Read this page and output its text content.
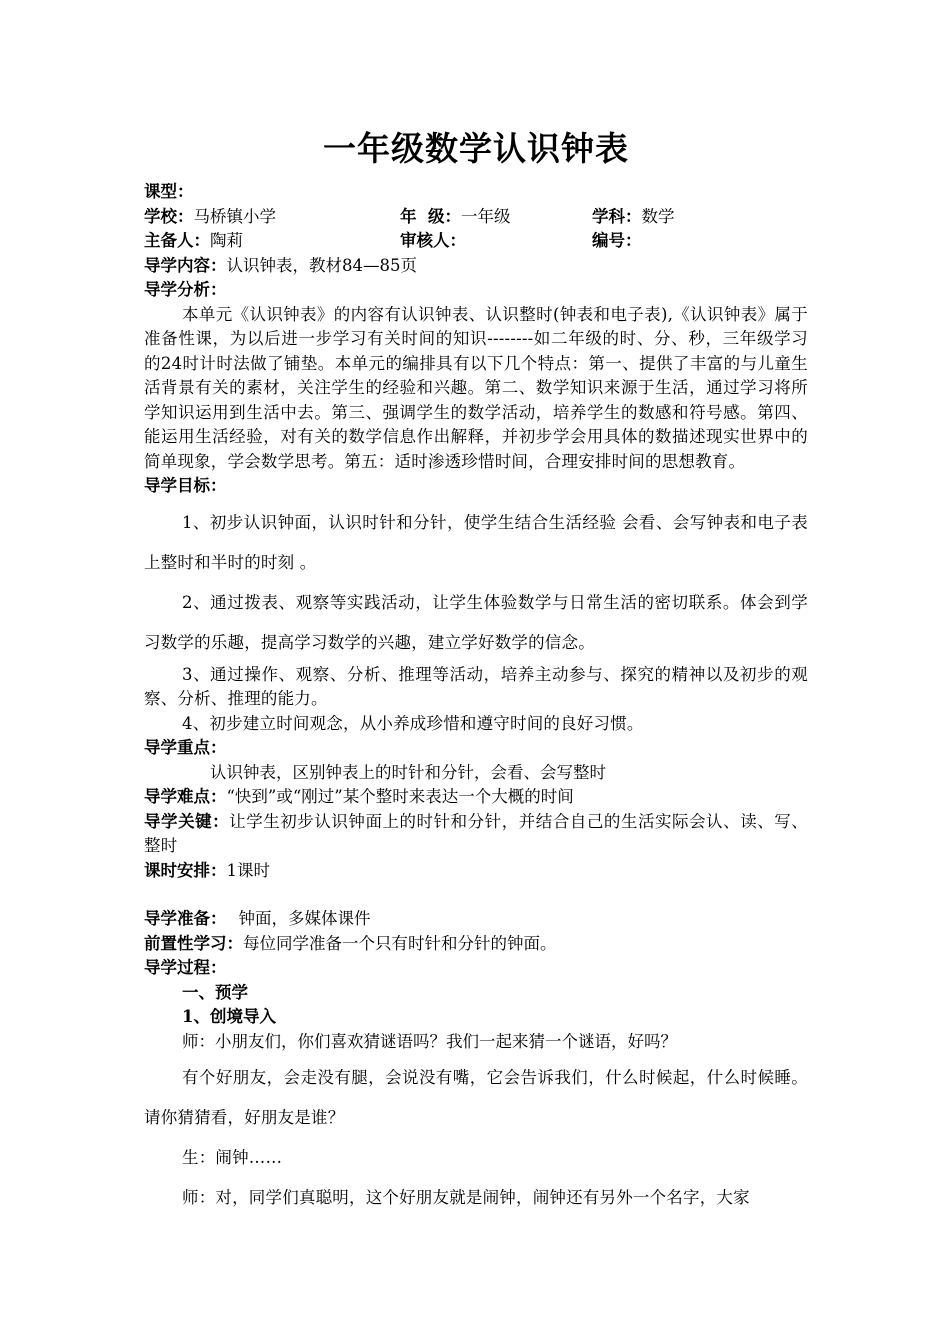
一年级数学认识钟表
课型：
学校：马桥镇小学	年  级：一年级	学科：数学
主备人：陶莉	审核人：	编号：
导学内容：认识钟表，教材84—85页
导学分析：

本单元《认识钟表》的内容有认识钟表、认识整时(钟表和电子表),《认识钟表》属于准备性课，为以后进一步学习有关时间的知识--------如二年级的时、分、秒，三年级学习的24时计时法做了铺垫。本单元的编排具有以下几个特点：第一、提供了丰富的与儿童生活背景有关的素材，关注学生的经验和兴趣。第二、数学知识来源于生活，通过学习将所学知识运用到生活中去。第三、强调学生的数学活动，培养学生的数感和符号感。第四、能运用生活经验，对有关的数学信息作出解释，并初步学会用具体的数描述现实世界中的简单现象，学会数学思考。第五：适时渗透珍惜时间，合理安排时间的思想教育。

导学目标：

1、初步认识钟面，认识时针和分针，使学生结合生活经验 会看、会写钟表和电子表上整时和半时的时刻 。

2、通过拨表、观察等实践活动，让学生体验数学与日常生活的密切联系。体会到学习数学的乐趣，提高学习数学的兴趣，建立学好数学的信念。

3、通过操作、观察、分析、推理等活动，培养主动参与、探究的精神以及初步的观察、分析、推理的能力。

4、初步建立时间观念，从小养成珍惜和遵守时间的良好习惯。

导学重点：
认识钟表，区别钟表上的时针和分针，会看、会写整时
导学难点：“快到”或“刚过”某个整时来表达一个大概的时间

导学关键：让学生初步认识钟面上的时针和分针，并结合自己的生活实际会认、读、写、整时

课时安排：1课时
导学准备： 钟面，多媒体课件
前置性学习：每位同学准备一个只有时针和分针的钟面。
导学过程：
一、预学
1、创境导入
师：小朋友们，你们喜欢猜谜语吗？我们一起来猜一个谜语，好吗？

有个好朋友，会走没有腿，会说没有嘴，它会告诉我们，什么时候起，什么时候睡。请你猜猜看，好朋友是谁？

生：闹钟……

师：对，同学们真聪明，这个好朋友就是闹钟，闹钟还有另外一个名字，大家
